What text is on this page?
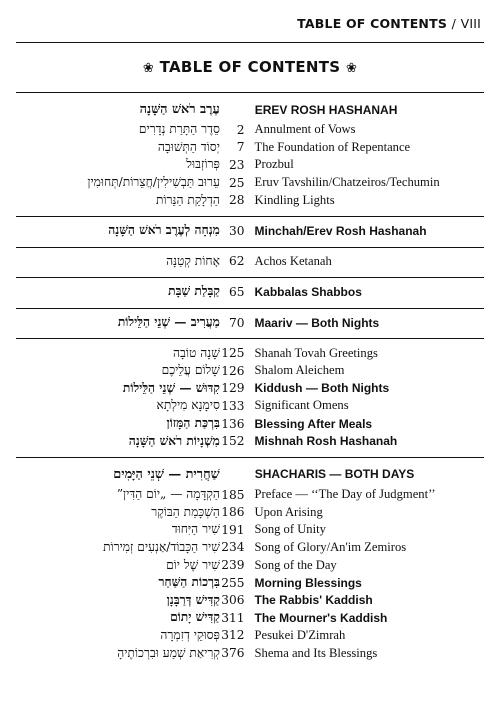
TABLE OF CONTENTS / VIII
❀ TABLE OF CONTENTS ❀
עֶרֶב רֹאשׁ הַשָּׁנָה	EREV ROSH HASHANAH
סֵדֶר הַתָּרַת נְדָרִים	2 Annulment of Vows
יְסוֹד הַתְּשׁוּבָה	7 The Foundation of Repentance
פְּרוֹזְבּוּל 23 Prozbul
עֵרוּב תַּבְשִׁילִין/חֲצֵרוֹת/תְּחוּמִין 25 Eruv Tavshilin/Chatzeiros/Techumin
הַדְלָקַת הַנֵּרוֹת 28 Kindling Lights
מִנְחָה לְעֶרֶב רֹאשׁ הַשָּׁנָה 30 Minchah/Erev Rosh Hashanah
אָחוֹת קְטַנָּה 62 Achos Ketanah
קַבָּלַת שַׁבָּת 65 Kabbalas Shabbos
מַעֲרִיב — שְׁנֵי הַלֵּילוֹת 70 Maariv — Both Nights
שָׁנָה טוֹבָה 125 Shanah Tovah Greetings
שָׁלוֹם עֲלֵיכֶם 126 Shalom Aleichem
קִדּוּשׁ — שְׁנֵי הַלֵּילוֹת 129 Kiddush — Both Nights
סִימָנָא מִילְתָא 133 Significant Omens
בִּרְכַּת הַמָּזוֹן 136 Blessing After Meals
מִשְׁנָיוֹת רֹאשׁ הַשָּׁנָה 152 Mishnah Rosh Hashanah
שַׁחֲרִית — שְׁנֵי הַיָּמִים	SHACHARIS — BOTH DAYS
הַקְדָּמָה — „יוֹם הַדִּין” 185 Preface — ‘‘The Day of Judgment’’
הַשְׁכָּמַת הַבּוֹקֶר 186 Upon Arising
שִׁיר הַיִּחוּד 191 Song of Unity
שִׁיר הַכָּבוֹד/אַנְעִים זְמִירוֹת 234 Song of Glory/An'im Zemiros
שִׁיר שֶׁל יוֹם 239 Song of the Day
בִּרְכוֹת הַשַּׁחַר 255 Morning Blessings
קַדִּישׁ דְּרַבָּנָן 306 The Rabbis' Kaddish
קַדִּישׁ יָתוֹם 311 The Mourner's Kaddish
פְּסוּקֵי דְזִמְרָה 312 Pesukei D'Zimrah
קְרִיאַת שְׁמַע וּבִרְכוֹתֶיהָ 376 Shema and Its Blessings
